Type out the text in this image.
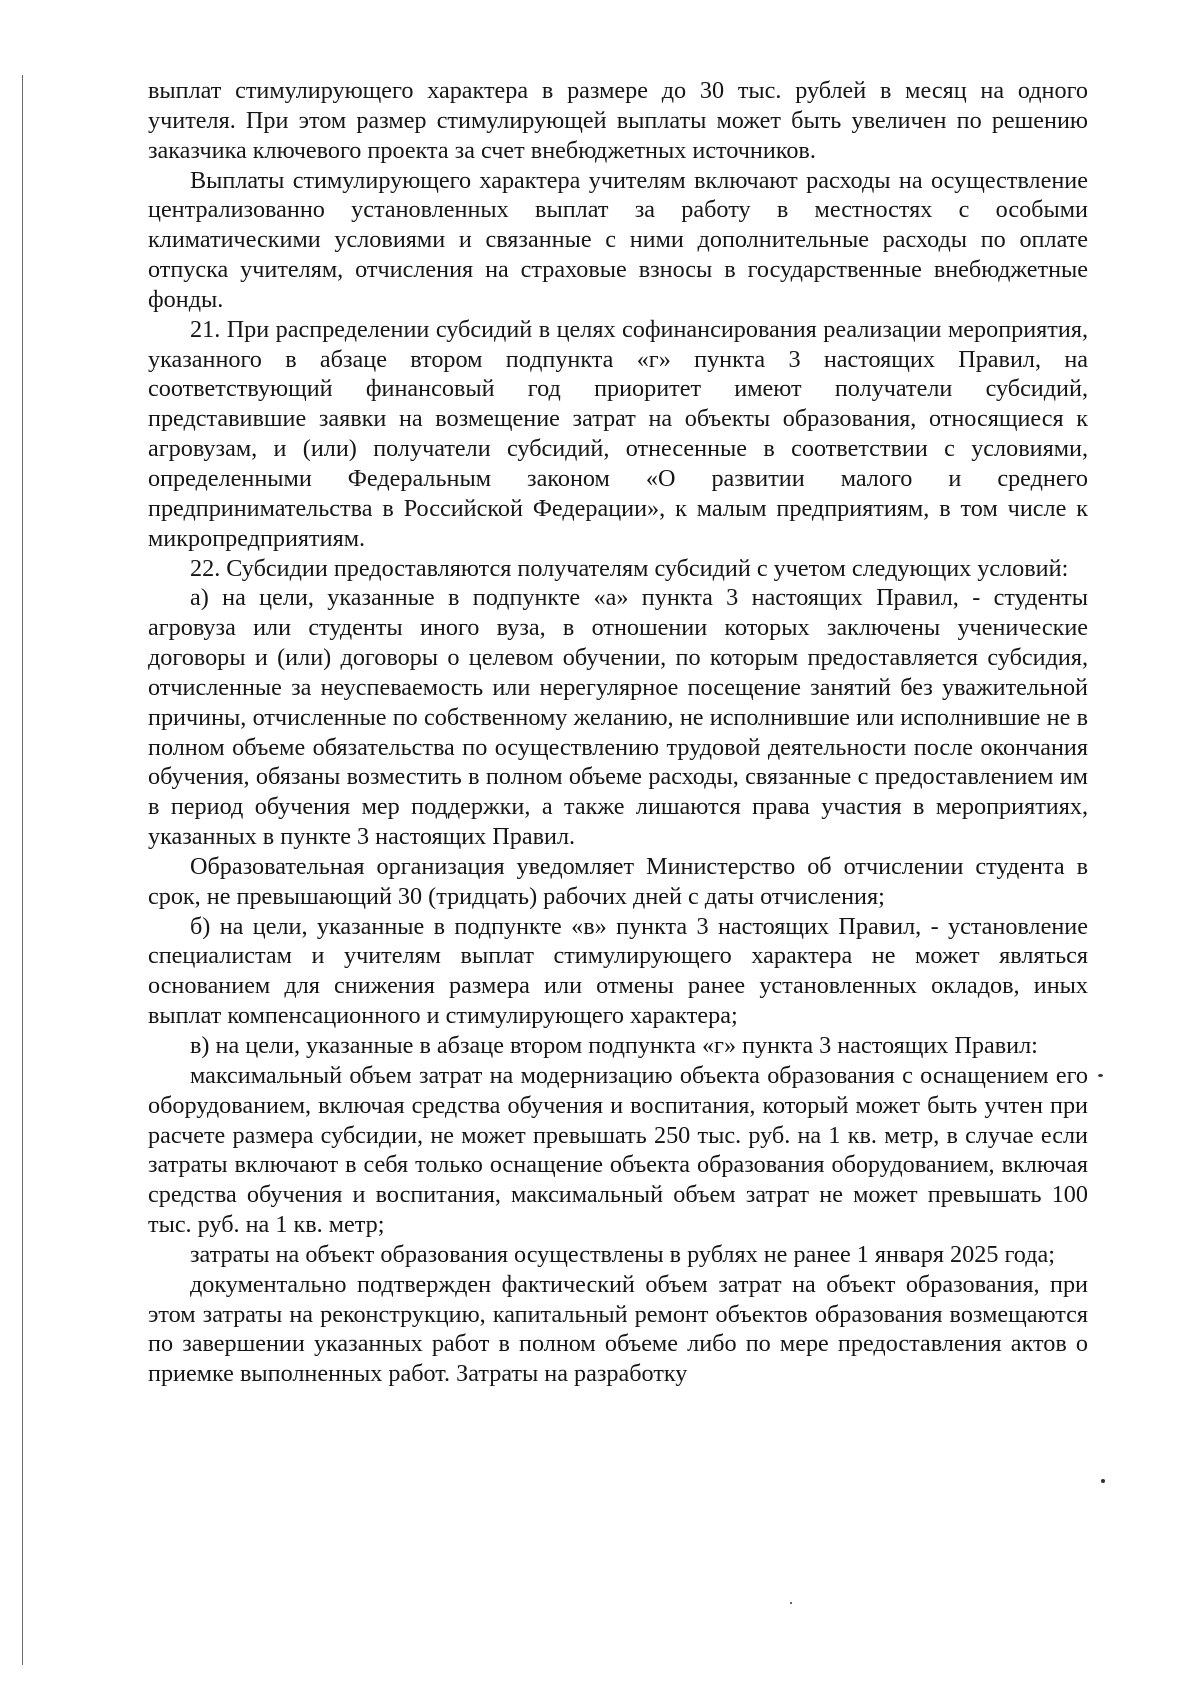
выплат стимулирующего характера в размере до 30 тыс. рублей в месяц на одного учителя. При этом размер стимулирующей выплаты может быть увеличен по решению заказчика ключевого проекта за счет внебюджетных источников.

Выплаты стимулирующего характера учителям включают расходы на осуществление централизованно установленных выплат за работу в местностях с особыми климатическими условиями и связанные с ними дополнительные расходы по оплате отпуска учителям, отчисления на страховые взносы в государственные внебюджетные фонды.

21. При распределении субсидий в целях софинансирования реализации мероприятия, указанного в абзаце втором подпункта «г» пункта 3 настоящих Правил, на соответствующий финансовый год приоритет имеют получатели субсидий, представившие заявки на возмещение затрат на объекты образования, относящиеся к агровузам, и (или) получатели субсидий, отнесенные в соответствии с условиями, определенными Федеральным законом «О развитии малого и среднего предпринимательства в Российской Федерации», к малым предприятиям, в том числе к микропредприятиям.

22. Субсидии предоставляются получателям субсидий с учетом следующих условий:

а) на цели, указанные в подпункте «а» пункта 3 настоящих Правил, - студенты агровуза или студенты иного вуза, в отношении которых заключены ученические договоры и (или) договоры о целевом обучении, по которым предоставляется субсидия, отчисленные за неуспеваемость или нерегулярное посещение занятий без уважительной причины, отчисленные по собственному желанию, не исполнившие или исполнившие не в полном объеме обязательства по осуществлению трудовой деятельности после окончания обучения, обязаны возместить в полном объеме расходы, связанные с предоставлением им в период обучения мер поддержки, а также лишаются права участия в мероприятиях, указанных в пункте 3 настоящих Правил.

Образовательная организация уведомляет Министерство об отчислении студента в срок, не превышающий 30 (тридцать) рабочих дней с даты отчисления;

б) на цели, указанные в подпункте «в» пункта 3 настоящих Правил, - установление специалистам и учителям выплат стимулирующего характера не может являться основанием для снижения размера или отмены ранее установленных окладов, иных выплат компенсационного и стимулирующего характера;

в) на цели, указанные в абзаце втором подпункта «г» пункта 3 настоящих Правил:

максимальный объем затрат на модернизацию объекта образования с оснащением его оборудованием, включая средства обучения и воспитания, который может быть учтен при расчете размера субсидии, не может превышать 250 тыс. руб. на 1 кв. метр, в случае если затраты включают в себя только оснащение объекта образования оборудованием, включая средства обучения и воспитания, максимальный объем затрат не может превышать 100 тыс. руб. на 1 кв. метр;

затраты на объект образования осуществлены в рублях не ранее 1 января 2025 года;

документально подтвержден фактический объем затрат на объект образования, при этом затраты на реконструкцию, капитальный ремонт объектов образования возмещаются по завершении указанных работ в полном объеме либо по мере предоставления актов о приемке выполненных работ. Затраты на разработку
